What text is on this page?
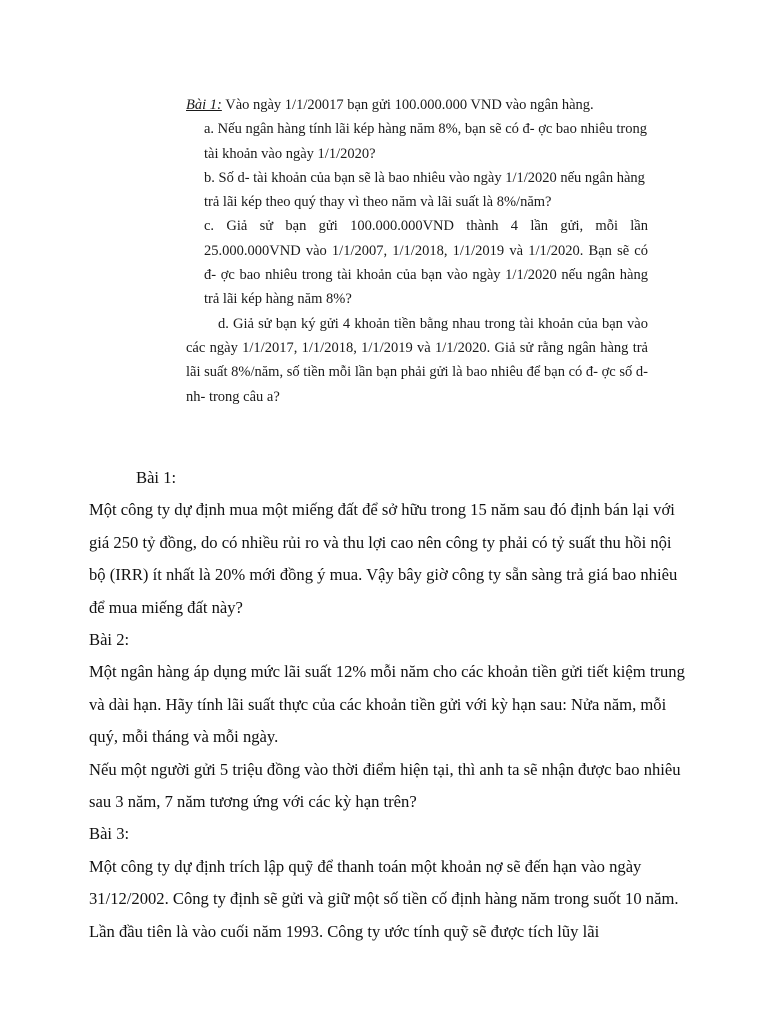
Bài 1: Vào ngày 1/1/20017 bạn gửi 100.000.000 VND vào ngân hàng.

a. Nếu ngân hàng tính lãi kép hàng năm 8%, bạn sẽ có đ- ợc bao nhiêu trong tài khoản vào ngày 1/1/2020?

b. Số d- tài khoản của bạn sẽ là bao nhiêu vào ngày 1/1/2020 nếu ngân hàng trả lãi kép theo quý thay vì theo năm và lãi suất là 8%/năm?

c. Giả sử bạn gửi 100.000.000VND thành 4 lần gửi, mỗi lần 25.000.000VND vào 1/1/2007, 1/1/2018, 1/1/2019 và 1/1/2020. Bạn sẽ có đ- ợc bao nhiêu trong tài khoản của bạn vào ngày 1/1/2020 nếu ngân hàng trả lãi kép hàng năm 8%?

d. Giả sử bạn ký gửi 4 khoản tiền bằng nhau trong tài khoản của bạn vào các ngày 1/1/2017, 1/1/2018, 1/1/2019 và 1/1/2020. Giả sử rằng ngân hàng trả lãi suất 8%/năm, số tiền mỗi lần bạn phải gửi là bao nhiêu để bạn có đ- ợc số d- nh- trong câu a?

Bài 1:

Một công ty dự định mua một miếng đất để sở hữu trong 15 năm sau đó định bán lại với giá 250 tỷ đồng, do có nhiều rủi ro và thu lợi cao nên công ty phải có tỷ suất thu hồi nội bộ (IRR) ít nhất là 20% mới đồng ý mua. Vậy bây giờ công ty sẵn sàng trả giá bao nhiêu để mua miếng đất này?

Bài 2:

Một ngân hàng áp dụng mức lãi suất 12% mỗi năm cho các khoản tiền gửi tiết kiệm trung và dài hạn. Hãy tính lãi suất thực của các khoản tiền gửi với kỳ hạn sau: Nửa năm, mỗi quý, mỗi tháng và mỗi ngày.

Nếu một người gửi 5 triệu đồng vào thời điểm hiện tại, thì anh ta sẽ nhận được bao nhiêu sau 3 năm, 7 năm tương ứng với các kỳ hạn trên?

Bài 3:

Một công ty dự định trích lập quỹ để thanh toán một khoản nợ sẽ đến hạn vào ngày 31/12/2002. Công ty định sẽ gửi và giữ một số tiền cố định hàng năm trong suốt 10 năm. Lần đầu tiên là vào cuối năm 1993. Công ty ước tính quỹ sẽ được tích lũy lãi
